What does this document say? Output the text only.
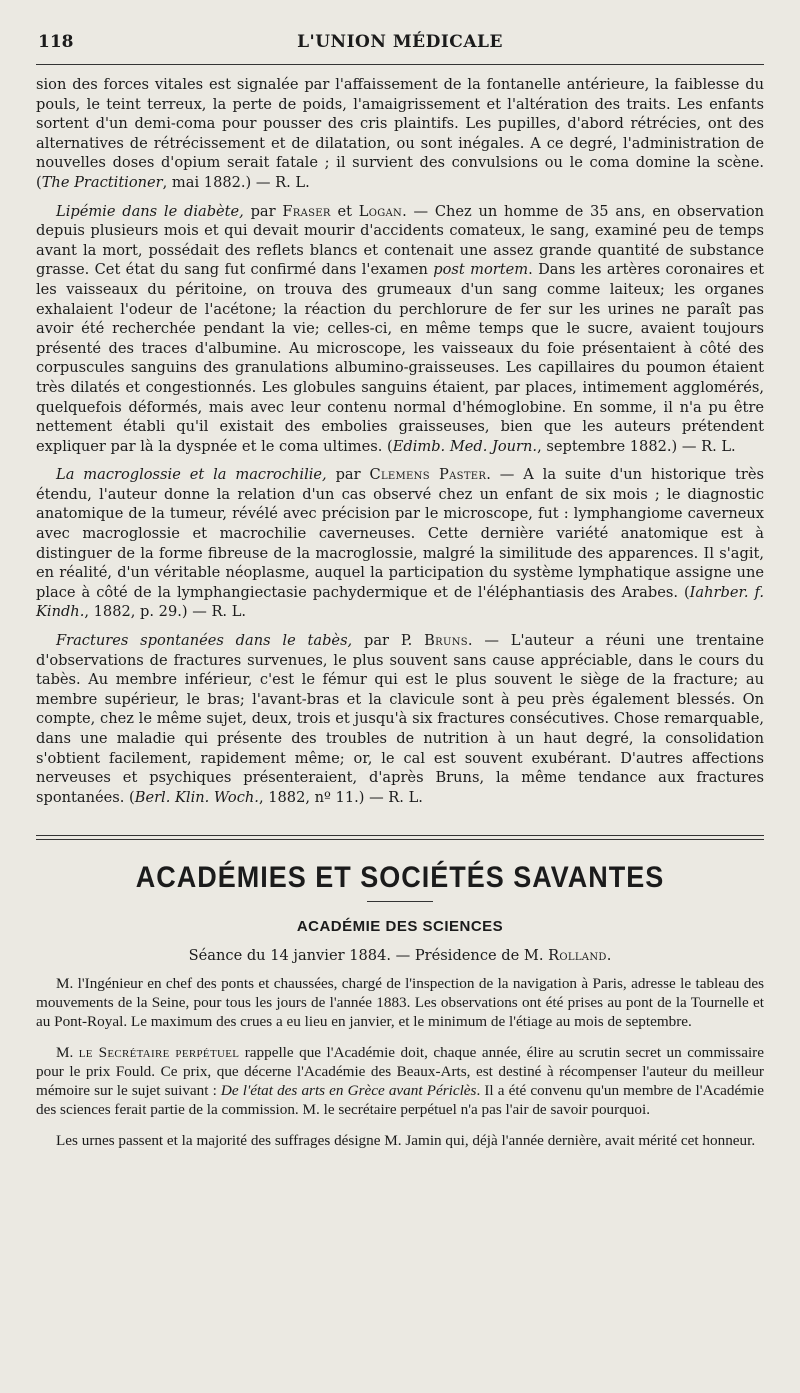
118	L'UNION MÉDICALE

sion des forces vitales est signalée par l'affaissement de la fontanelle antérieure, la faiblesse du pouls, le teint terreux, la perte de poids, l'amaigrissement et l'altération des traits. Les enfants sortent d'un demi-coma pour pousser des cris plaintifs. Les pupilles, d'abord rétrécies, ont des alternatives de rétrécissement et de dilatation, ou sont inégales. A ce degré, l'administration de nouvelles doses d'opium serait fatale ; il survient des convulsions ou le coma domine la scène. (The Practitioner, mai 1882.) — R. L.

Lipémie dans le diabète, par Fraser et Logan. — Chez un homme de 35 ans, en observation depuis plusieurs mois et qui devait mourir d'accidents comateux, le sang, examiné peu de temps avant la mort, possédait des reflets blancs et contenait une assez grande quantité de substance grasse. Cet état du sang fut confirmé dans l'examen post mortem. Dans les artères coronaires et les vaisseaux du péritoine, on trouva des grumeaux d'un sang comme laiteux; les organes exhalaient l'odeur de l'acétone; la réaction du perchlorure de fer sur les urines ne paraît pas avoir été recherchée pendant la vie; celles-ci, en même temps que le sucre, avaient toujours présenté des traces d'albumine. Au microscope, les vaisseaux du foie présentaient à côté des corpuscules sanguins des granulations albumino-graisseuses. Les capillaires du poumon étaient très dilatés et congestionnés. Les globules sanguins étaient, par places, intimement agglomérés, quelquefois déformés, mais avec leur contenu normal d'hémoglobine. En somme, il n'a pu être nettement établi qu'il existait des embolies graisseuses, bien que les auteurs prétendent expliquer par là la dyspnée et le coma ultimes. (Edimb. Med. Journ., septembre 1882.) — R. L.

La macroglossie et la macrochilie, par Clemens Paster. — A la suite d'un historique très étendu, l'auteur donne la relation d'un cas observé chez un enfant de six mois ; le diagnostic anatomique de la tumeur, révélé avec précision par le microscope, fut : lymphangiome caverneux avec macroglossie et macrochilie caverneuses. Cette dernière variété anatomique est à distinguer de la forme fibreuse de la macroglossie, malgré la similitude des apparences. Il s'agit, en réalité, d'un véritable néoplasme, auquel la participation du système lymphatique assigne une place à côté de la lymphangiectasie pachydermique et de l'éléphantiasis des Arabes. (Iahrber. f. Kindh., 1882, p. 29.) — R. L.

Fractures spontanées dans le tabès, par P. Bruns. — L'auteur a réuni une trentaine d'observations de fractures survenues, le plus souvent sans cause appréciable, dans le cours du tabès. Au membre inférieur, c'est le fémur qui est le plus souvent le siège de la fracture; au membre supérieur, le bras; l'avant-bras et la clavicule sont à peu près également blessés. On compte, chez le même sujet, deux, trois et jusqu'à six fractures consécutives. Chose remarquable, dans une maladie qui présente des troubles de nutrition à un haut degré, la consolidation s'obtient facilement, rapidement même; or, le cal est souvent exubérant. D'autres affections nerveuses et psychiques présenteraient, d'après Bruns, la même tendance aux fractures spontanées. (Berl. Klin. Woch., 1882, nº 11.) — R. L.

ACADÉMIES ET SOCIÉTÉS SAVANTES
ACADÉMIE DES SCIENCES
Séance du 14 janvier 1884. — Présidence de M. Rolland.

M. l'Ingénieur en chef des ponts et chaussées, chargé de l'inspection de la navigation à Paris, adresse le tableau des mouvements de la Seine, pour tous les jours de l'année 1883. Les observations ont été prises au pont de la Tournelle et au Pont-Royal. Le maximum des crues a eu lieu en janvier, et le minimum de l'étiage au mois de septembre.

M. le Secrétaire perpétuel rappelle que l'Académie doit, chaque année, élire au scrutin secret un commissaire pour le prix Fould. Ce prix, que décerne l'Académie des Beaux-Arts, est destiné à récompenser l'auteur du meilleur mémoire sur le sujet suivant : De l'état des arts en Grèce avant Périclès. Il a été convenu qu'un membre de l'Académie des sciences ferait partie de la commission. M. le secrétaire perpétuel n'a pas l'air de savoir pourquoi.

Les urnes passent et la majorité des suffrages désigne M. Jamin qui, déjà l'année dernière, avait mérité cet honneur.
